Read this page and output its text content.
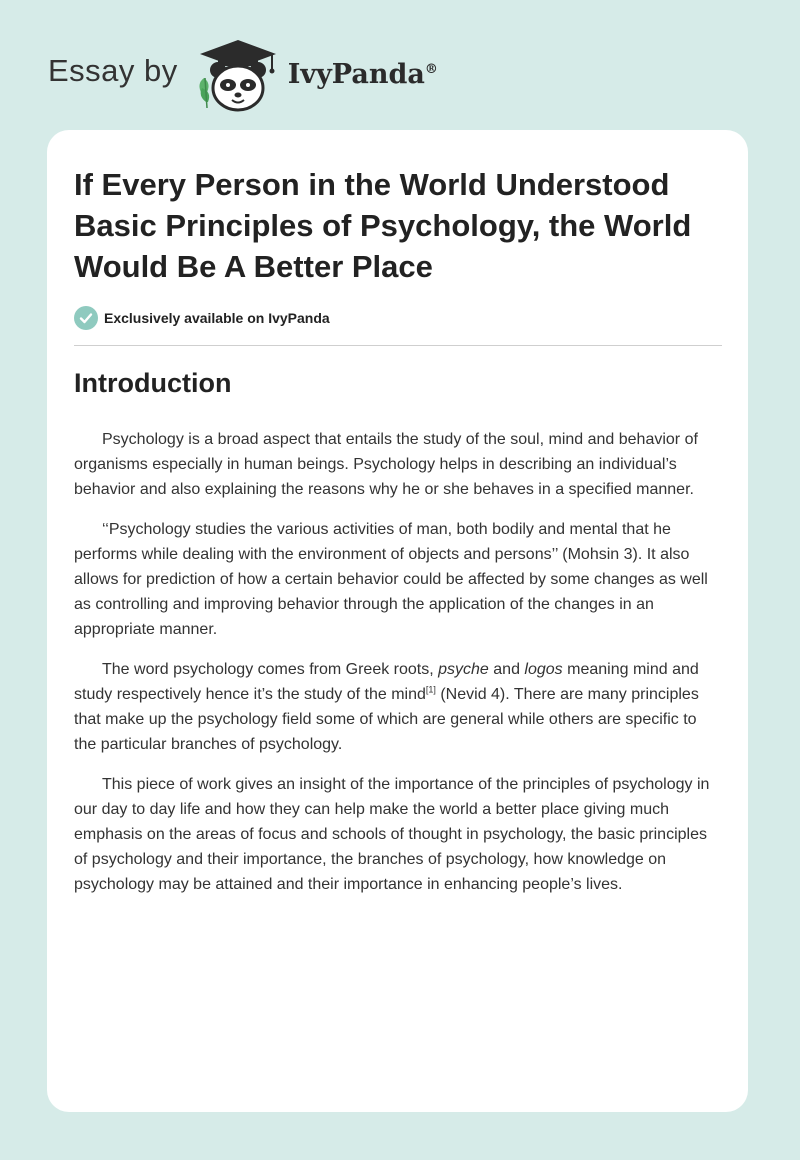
Essay by	IvyPanda®
If Every Person in the World Understood Basic Principles of Psychology, the World Would Be A Better Place
Exclusively available on IvyPanda
Introduction

Psychology is a broad aspect that entails the study of the soul, mind and behavior of organisms especially in human beings. Psychology helps in describing an individual’s behavior and also explaining the reasons why he or she behaves in a specified manner.

‘‘Psychology studies the various activities of man, both bodily and mental that he performs while dealing with the environment of objects and persons’’ (Mohsin 3). It also allows for prediction of how a certain behavior could be affected by some changes as well as controlling and improving behavior through the application of the changes in an appropriate manner.

The word psychology comes from Greek roots, psyche and logos meaning mind and study respectively hence it’s the study of the mind[1] (Nevid 4). There are many principles that make up the psychology field some of which are general while others are specific to the particular branches of psychology.

This piece of work gives an insight of the importance of the principles of psychology in our day to day life and how they can help make the world a better place giving much emphasis on the areas of focus and schools of thought in psychology, the basic principles of psychology and their importance, the branches of psychology, how knowledge on psychology may be attained and their importance in enhancing people’s lives.
